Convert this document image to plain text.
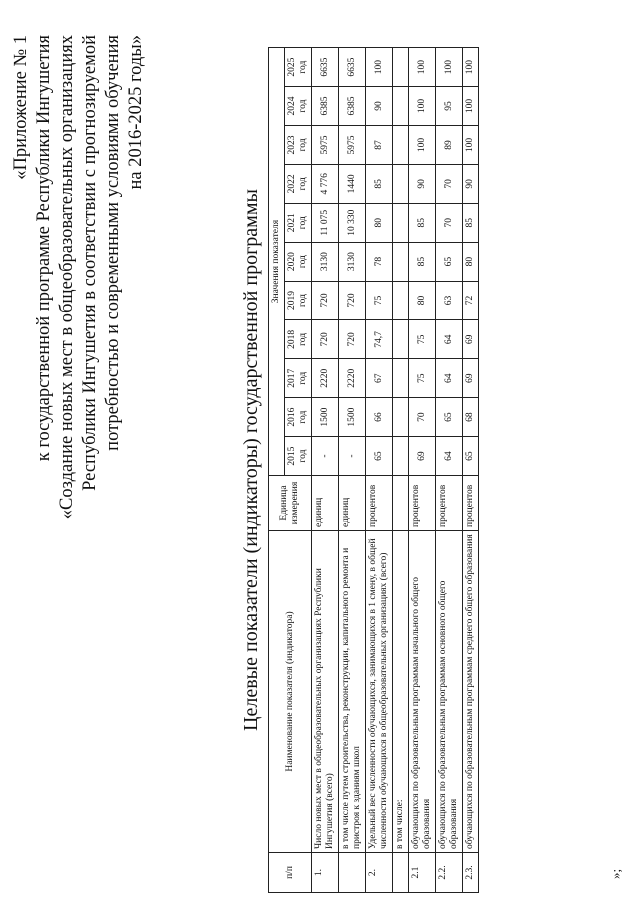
«Приложение № 1 к государственной программе Республики Ингушетия «Создание новых мест в общеобразовательных организациях Республики Ингушетия в соответствии с прогнозируемой потребностью и современными условиями обучения на 2016-2025 годы»
Целевые показатели (индикаторы) государственной программы
п/п	Наименование показателя (индикатора)	Единица измерения	Значения показателя										
			2015 год	2016 год	2017 год	2018 год	2019 год	2020 год	2021 год	2022 год	2023 год	2024 год	2025 год
1.	Число новых мест в общеобразовательных организациях Республики Ингушетия (всего)	единиц	-	1500	2220	720	720	3130	11 075	4 776	5975	6385	6635
	в том числе путем строительства, реконструкции, капитального ремонта и пристроя к зданиям школ	единиц	-	1500	2220	720	720	3130	10 330	1440	5975	6385	6635
2.	Удельный вес численности обучающихся, занимающихся в 1 смену, в общей численности обучающихся в общеобразовательных организациях (всего)	процентов	65	66	67	74,7	75	78	80	85	87	90	100
	в том числе:												
2.1	обучающихся по образовательным программам начального общего образования	процентов	69	70	75	75	80	85	85	90	100	100	100
2.2.	обучающихся по образовательным программам основного общего образования	процентов	64	65	64	64	63	65	70	70	89	95	100
2.3.	обучающихся по образовательным программам среднего общего образования	процентов	65	68	69	69	72	80	85	90	100	100	100
»;
